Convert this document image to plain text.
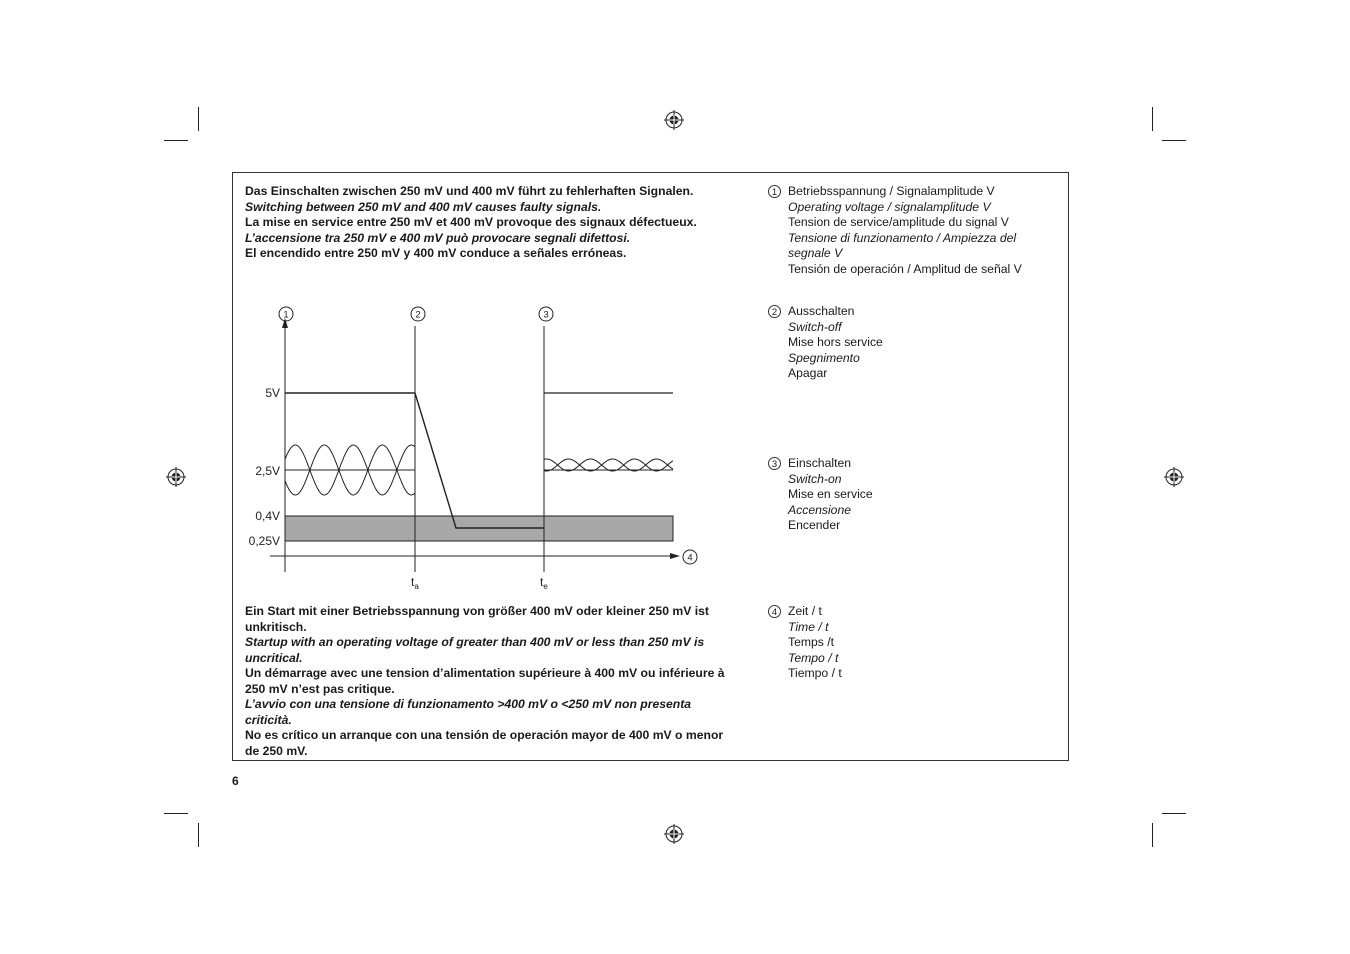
Das Einschalten zwischen 250 mV und 400 mV führt zu fehlerhaften Signalen.
Switching between 250 mV and 400 mV causes faulty signals.
La mise en service entre 250 mV et 400 mV provoque des signaux défectueux.
L’accensione tra 250 mV e 400 mV può provocare segnali difettosi.
El encendido entre 250 mV y 400 mV conduce a señales erróneas.
5V
2,5V
0,4V
0,25V
$t_a$	$t_e$
1	2	3
4
1 Betriebsspannung / Signalamplitude V
Operating voltage / signalamplitude V
Tension de service/amplitude du signal V
Tensione di funzionamento / Ampiezza del segnale V
Tensión de operación / Amplitud de señal V
2 Ausschalten
Switch-off
Mise hors service
Spegnimento
Apagar
3 Einschalten
Switch-on
Mise en service
Accensione
Encender
4 Zeit / t
Time / t
Temps /t
Tempo / t
Tiempo / t
Ein Start mit einer Betriebsspannung von größer 400 mV oder kleiner 250 mV ist unkritisch.
Startup with an operating voltage of greater than 400 mV or less than 250 mV is uncritical.
Un démarrage avec une tension d’alimentation supérieure à 400 mV ou inférieure à 250 mV n’est pas critique.
L’avvio con una tensione di funzionamento >400 mV o <250 mV non presenta criticità.
No es crítico un arranque con una tensión de operación mayor de 400 mV o menor de 250 mV.
6
